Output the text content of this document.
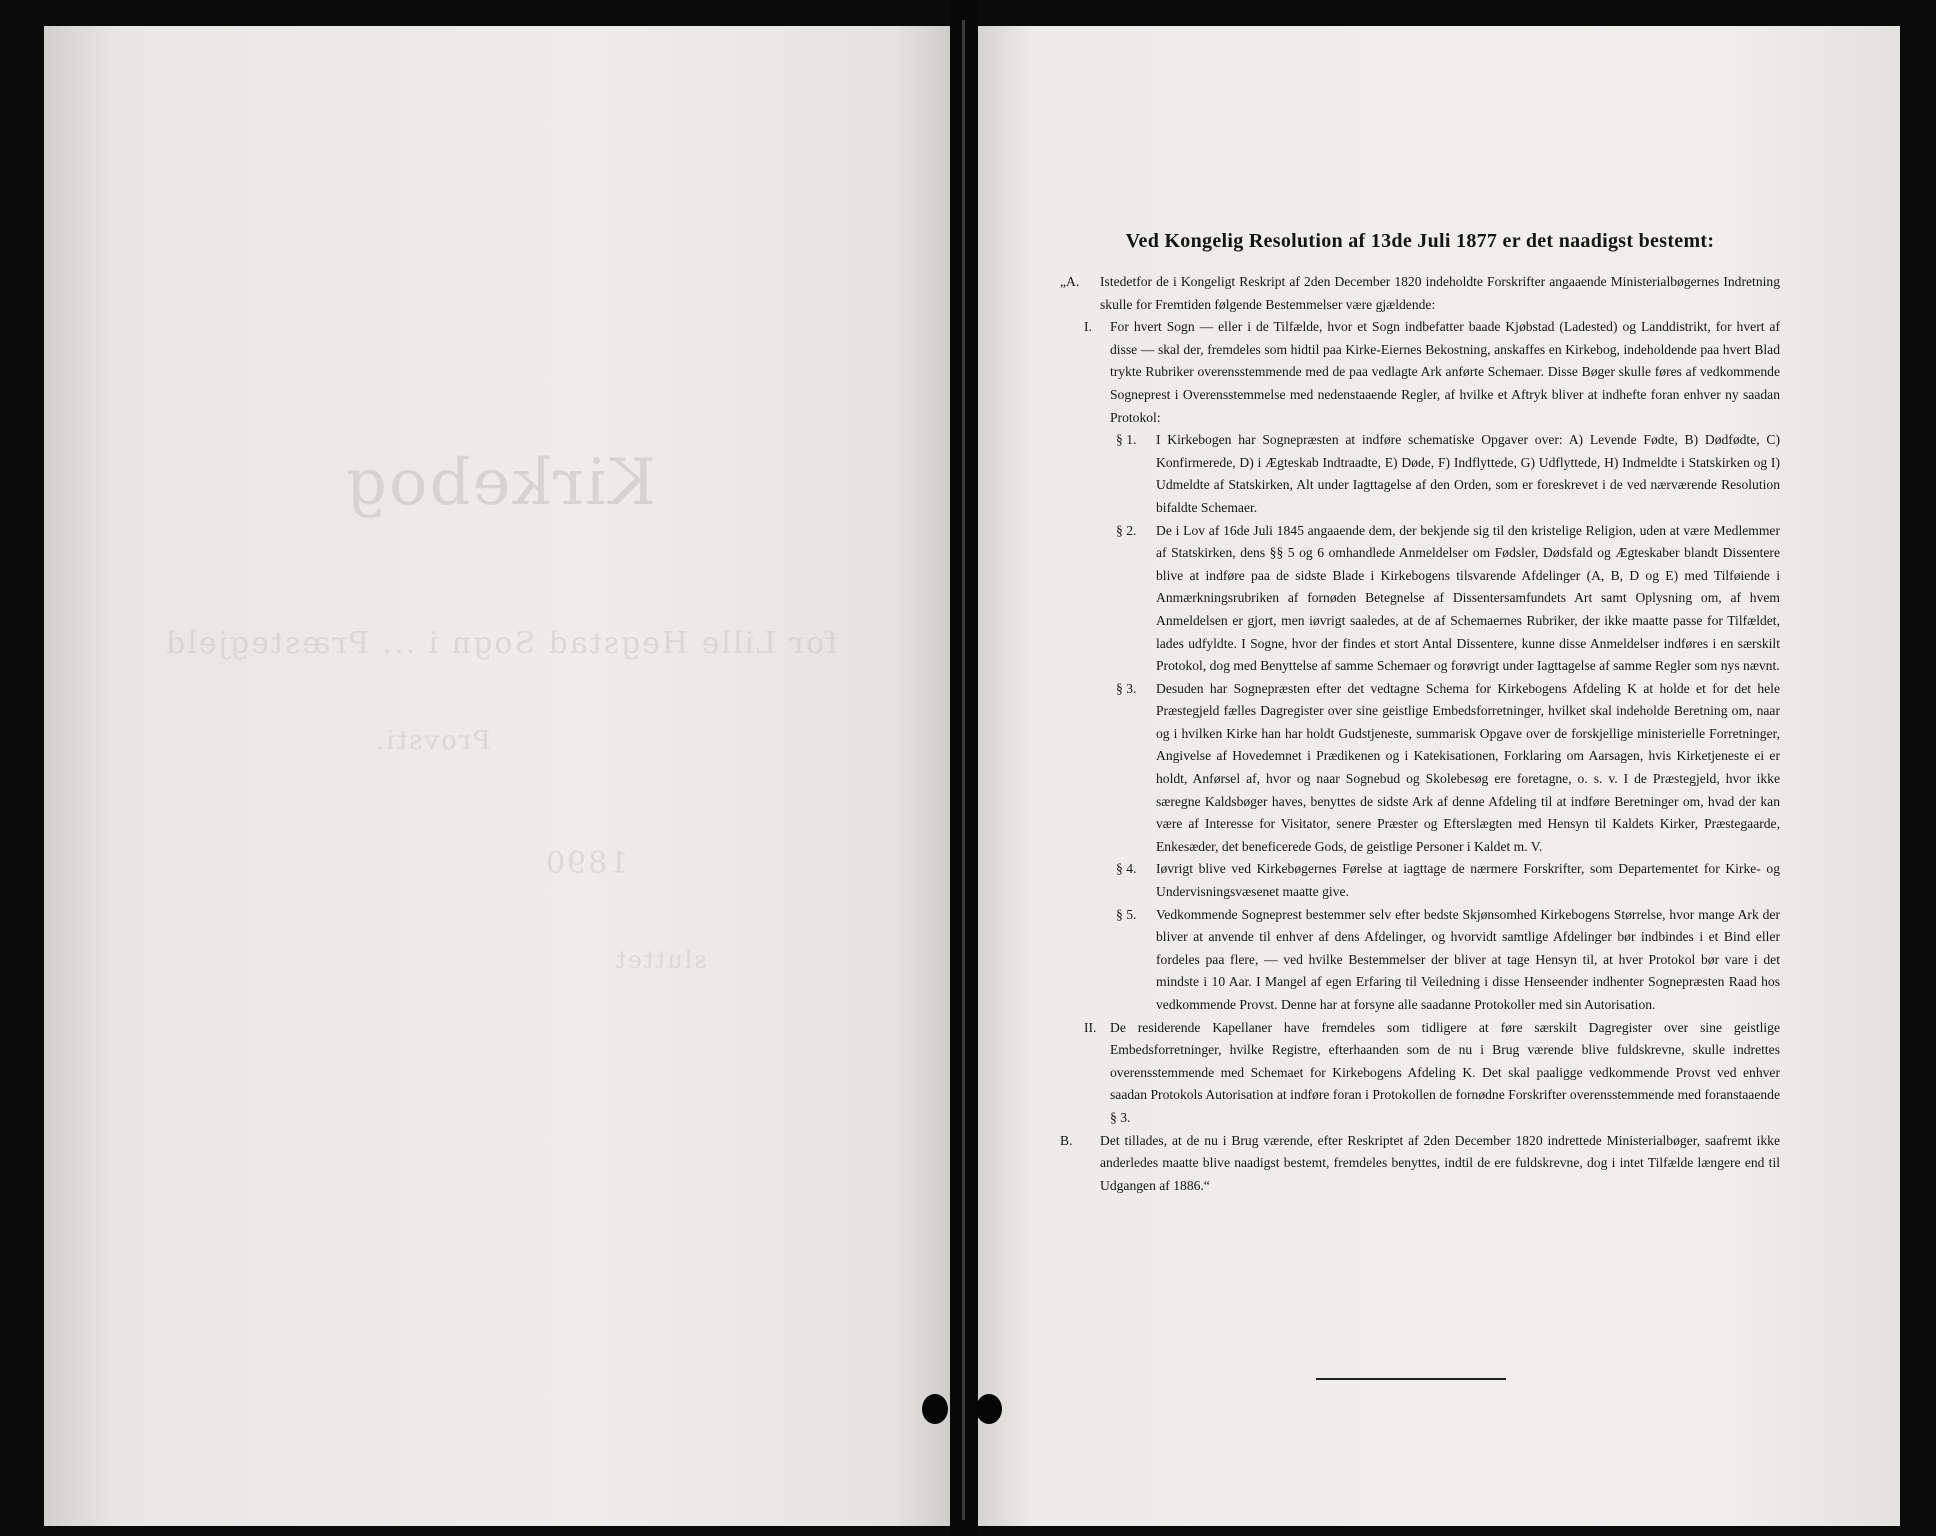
Kirkebog
for Lille Hegstad Sogn i ... Præstegjeld
Provsti.
1890
sluttet
Ved Kongelig Resolution af 13de Juli 1877 er det naadigst bestemt:
„A.	Istedetfor de i Kongeligt Reskript af 2den December 1820 indeholdte Forskrifter angaaende Ministerialbøgernes Indretning skulle for Fremtiden følgende Bestemmelser være gjældende:
I.	For hvert Sogn — eller i de Tilfælde, hvor et Sogn indbefatter baade Kjøbstad (Ladested) og Landdistrikt, for hvert af disse — skal der, fremdeles som hidtil paa Kirke-Eiernes Bekostning, anskaffes en Kirkebog, indeholdende paa hvert Blad trykte Rubriker overensstemmende med de paa vedlagte Ark anførte Schemaer. Disse Bøger skulle føres af vedkommende Sogneprest i Overensstemmelse med nedenstaaende Regler, af hvilke et Aftryk bliver at indhefte foran enhver ny saadan Protokol:
§ 1.	I Kirkebogen har Sognepræsten at indføre schematiske Opgaver over: A) Levende Fødte, B) Dødfødte, C) Konfirmerede, D) i Ægteskab Indtraadte, E) Døde, F) Indflyttede, G) Udflyttede, H) Indmeldte i Statskirken og I) Udmeldte af Statskirken, Alt under Iagttagelse af den Orden, som er foreskrevet i de ved nærværende Resolution bifaldte Schemaer.
§ 2.	De i Lov af 16de Juli 1845 angaaende dem, der bekjende sig til den kristelige Religion, uden at være Medlemmer af Statskirken, dens §§ 5 og 6 omhandlede Anmeldelser om Fødsler, Dødsfald og Ægteskaber blandt Dissentere blive at indføre paa de sidste Blade i Kirkebogens tilsvarende Afdelinger (A, B, D og E) med Tilføiende i Anmærkningsrubriken af fornøden Betegnelse af Dissentersamfundets Art samt Oplysning om, af hvem Anmeldelsen er gjort, men iøvrigt saaledes, at de af Schemaernes Rubriker, der ikke maatte passe for Tilfældet, lades udfyldte. I Sogne, hvor der findes et stort Antal Dissentere, kunne disse Anmeldelser indføres i en særskilt Protokol, dog med Benyttelse af samme Schemaer og forøvrigt under Iagttagelse af samme Regler som nys nævnt.
§ 3.	Desuden har Sognepræsten efter det vedtagne Schema for Kirkebogens Afdeling K at holde et for det hele Præstegjeld fælles Dagregister over sine geistlige Embedsforretninger, hvilket skal indeholde Beretning om, naar og i hvilken Kirke han har holdt Gudstjeneste, summarisk Opgave over de forskjellige ministerielle Forretninger, Angivelse af Hovedemnet i Prædikenen og i Katekisationen, Forklaring om Aarsagen, hvis Kirketjeneste ei er holdt, Anførsel af, hvor og naar Sognebud og Skolebesøg ere foretagne, o. s. v. I de Præstegjeld, hvor ikke særegne Kaldsbøger haves, benyttes de sidste Ark af denne Afdeling til at indføre Beretninger om, hvad der kan være af Interesse for Visitator, senere Præster og Efterslægten med Hensyn til Kaldets Kirker, Præstegaarde, Enkesæder, det beneficerede Gods, de geistlige Personer i Kaldet m. V.
§ 4.	Iøvrigt blive ved Kirkebøgernes Førelse at iagttage de nærmere Forskrifter, som Departementet for Kirke- og Undervisningsvæsenet maatte give.
§ 5.	Vedkommende Sogneprest bestemmer selv efter bedste Skjønsomhed Kirkebogens Størrelse, hvor mange Ark der bliver at anvende til enhver af dens Afdelinger, og hvorvidt samtlige Afdelinger bør indbindes i et Bind eller fordeles paa flere, — ved hvilke Bestemmelser der bliver at tage Hensyn til, at hver Protokol bør vare i det mindste i 10 Aar. I Mangel af egen Erfaring til Veiledning i disse Henseender indhenter Sognepræsten Raad hos vedkommende Provst. Denne har at forsyne alle saadanne Protokoller med sin Autorisation.
II. De residerende Kapellaner have fremdeles som tidligere at føre særskilt Dagregister over sine geistlige Embedsforretninger, hvilke Registre, efterhaanden som de nu i Brug værende blive fuldskrevne, skulle indrettes overensstemmende med Schemaet for Kirkebogens Afdeling K. Det skal paaligge vedkommende Provst ved enhver saadan Protokols Autorisation at indføre foran i Protokollen de fornødne Forskrifter overensstemmende med foranstaaende § 3.
B.	Det tillades, at de nu i Brug værende, efter Reskriptet af 2den December 1820 indrettede Ministerialbøger, saafremt ikke anderledes maatte blive naadigst bestemt, fremdeles benyttes, indtil de ere fuldskrevne, dog i intet Tilfælde længere end til Udgangen af 1886.“
